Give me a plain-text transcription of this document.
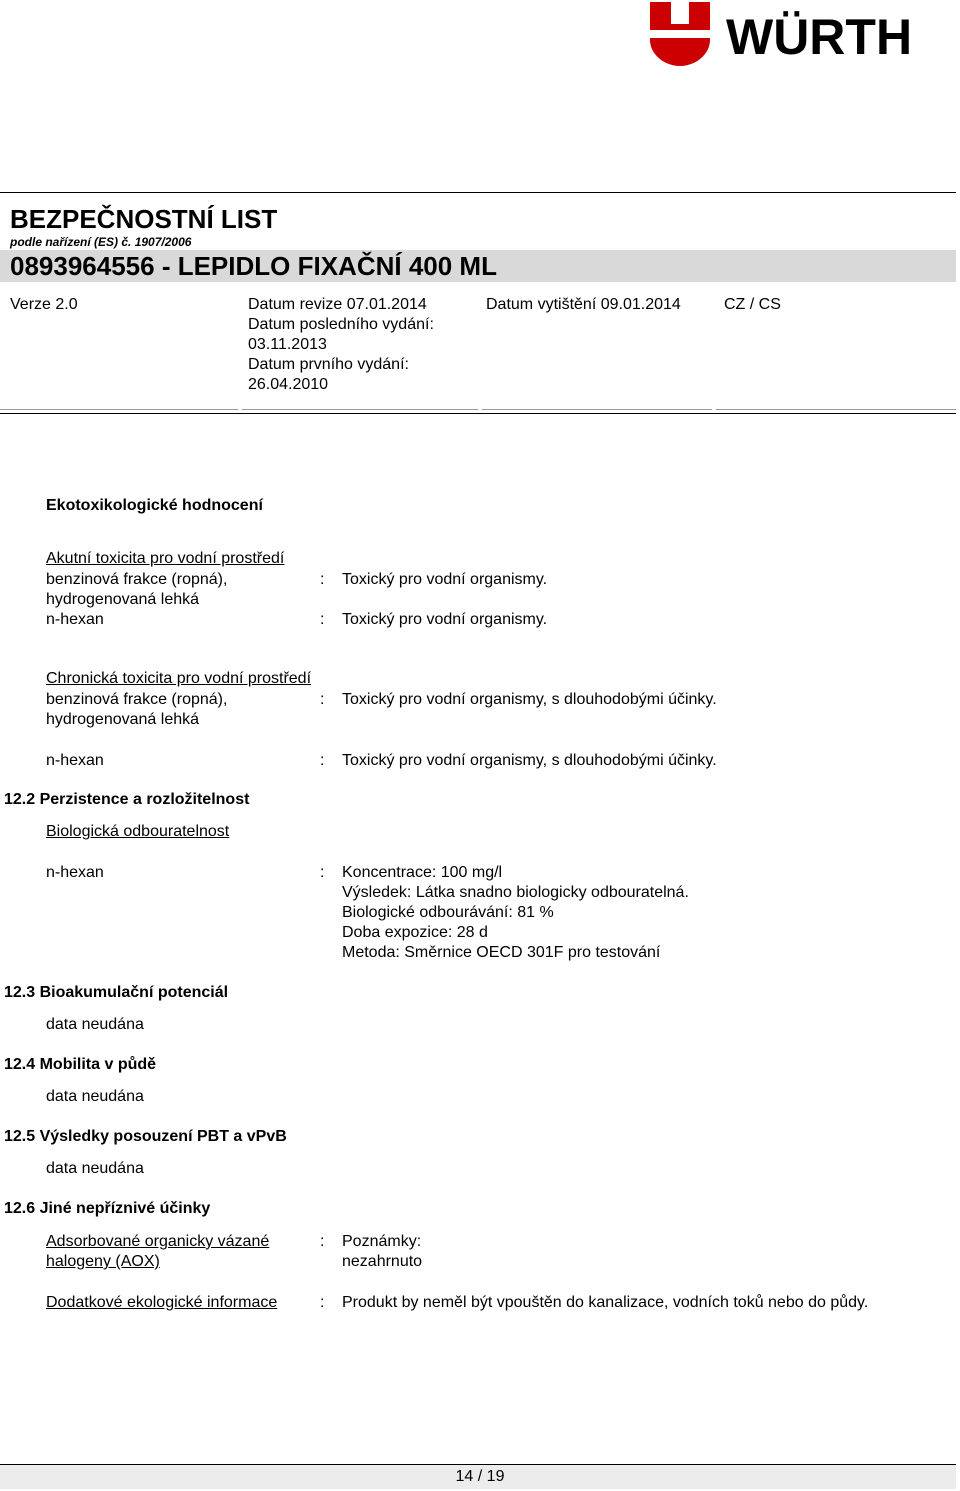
WÜRTH
BEZPEČNOSTNÍ LIST
podle nařízení (ES) č. 1907/2006
0893964556 - LEPIDLO FIXAČNÍ 400 ML
Verze 2.0	Datum revize 07.01.2014
Datum posledního vydání:
03.11.2013
Datum prvního vydání:
26.04.2010
Datum vytištění 09.01.2014	CZ / CS
Ekotoxikologické hodnocení
Akutní toxicita pro vodní prostředí
benzinová frakce (ropná), hydrogenovaná lehká
: Toxický pro vodní organismy.
n-hexan	: Toxický pro vodní organismy.
Chronická toxicita pro vodní prostředí
benzinová frakce (ropná), hydrogenovaná lehká
: Toxický pro vodní organismy, s dlouhodobými účinky.
n-hexan	: Toxický pro vodní organismy, s dlouhodobými účinky.
12.2 Perzistence a rozložitelnost
Biologická odbouratelnost
n-hexan	: Koncentrace: 100 mg/l
Výsledek: Látka snadno biologicky odbouratelná.
Biologické odbourávání: 81 %
Doba expozice: 28 d
Metoda: Směrnice OECD 301F pro testování
12.3 Bioakumulační potenciál
data neudána
12.4 Mobilita v půdě
data neudána
12.5 Výsledky posouzení PBT a vPvB
data neudána
12.6 Jiné nepříznivé účinky
Adsorbované organicky vázané halogeny (AOX)
: Poznámky:
nezahrnuto
Dodatkové ekologické informace	: Produkt by neměl být vpouštěn do kanalizace, vodních toků nebo do půdy.
14 / 19
